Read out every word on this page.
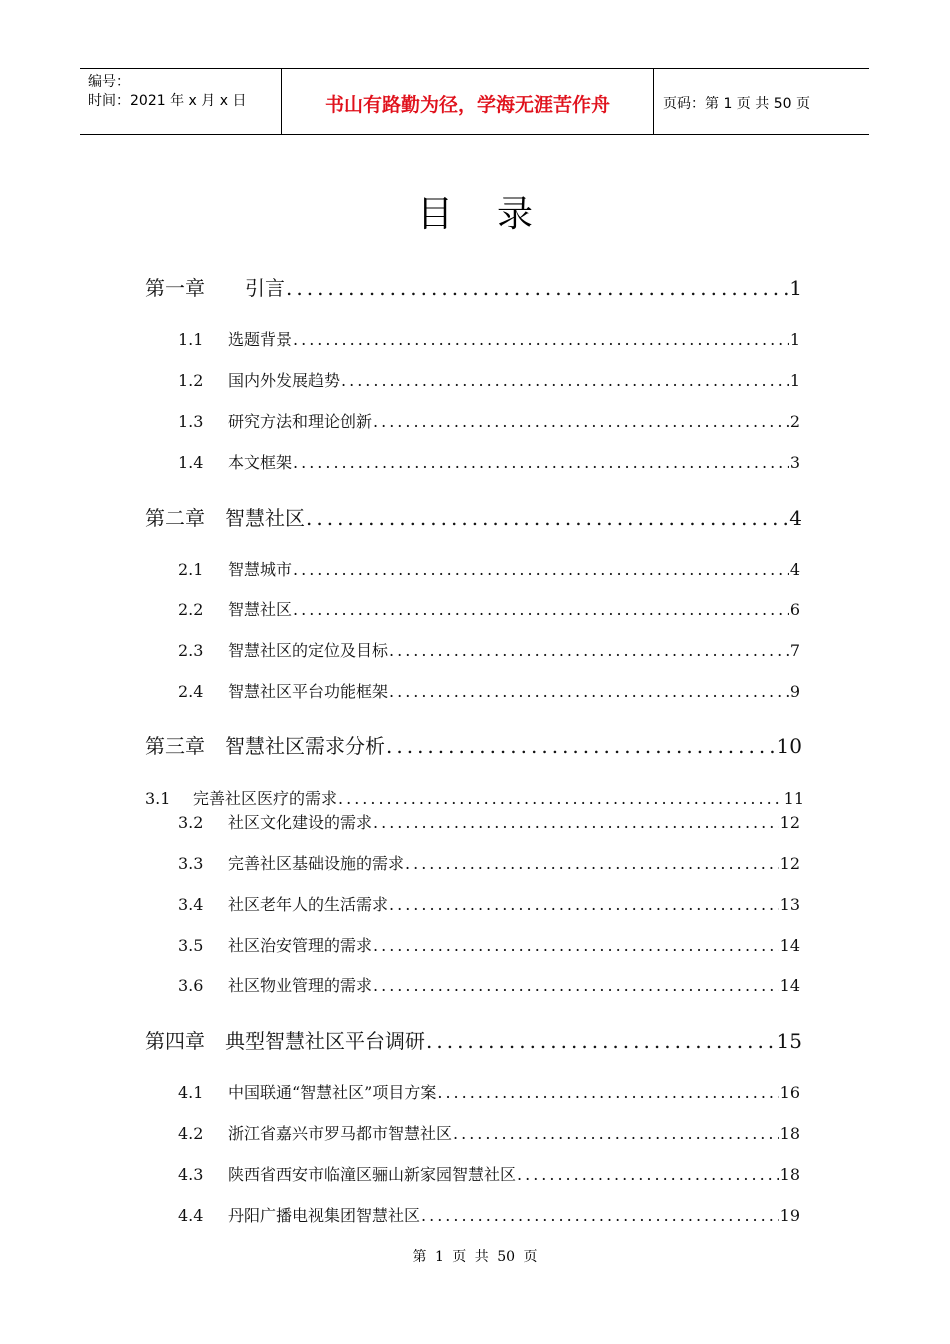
编号：
时间：2021 年 x 月 x 日	书山有路勤为径，学海无涯苦作舟	页码：第 1 页 共 50 页
目录
第一章 引言 .....	1
1.1 选题背景 .....	1
1.2 国内外发展趋势 .....	1
1.3 研究方法和理论创新 .....	2
1.4 本文框架 .....	3
第二章 智慧社区 .....	4
2.1 智慧城市 .....	4
2.2 智慧社区 .....	6
2.3 智慧社区的定位及目标 .....	7
2.4 智慧社区平台功能框架 .....	9
第三章 智慧社区需求分析 .....	10
3.1 完善社区医疗的需求 .....	11
3.2 社区文化建设的需求 .....	12
3.3 完善社区基础设施的需求 .....	12
3.4 社区老年人的生活需求 .....	13
3.5 社区治安管理的需求 .....	14
3.6 社区物业管理的需求 .....	14
第四章 典型智慧社区平台调研 .....	15
4.1 中国联通“智慧社区”项目方案 .....	16
4.2 浙江省嘉兴市罗马都市智慧社区 .....	18
4.3 陕西省西安市临潼区骊山新家园智慧社区 .....	18
4.4 丹阳广播电视集团智慧社区 .....	19
第 1 页 共 50 页
